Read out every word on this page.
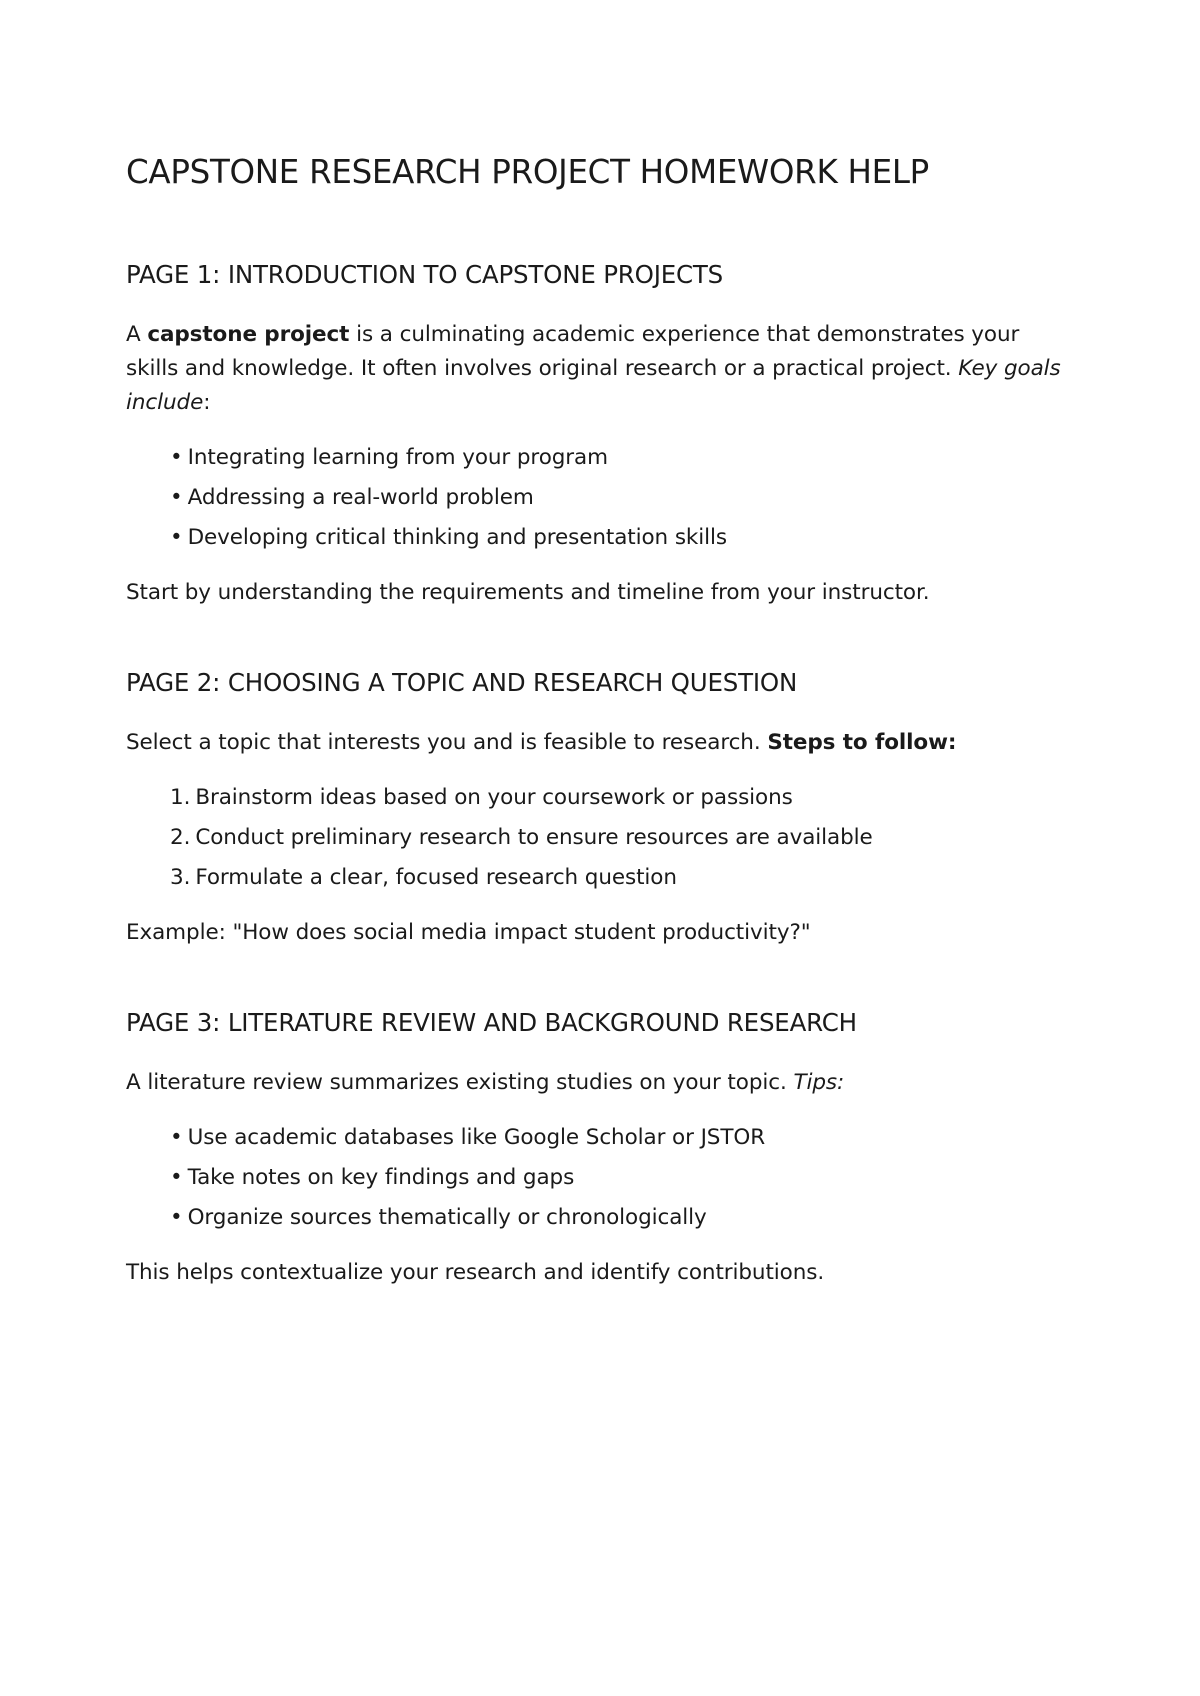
CAPSTONE RESEARCH PROJECT HOMEWORK HELP
PAGE 1: INTRODUCTION TO CAPSTONE PROJECTS

A capstone project is a culminating academic experience that demonstrates your skills and knowledge. It often involves original research or a practical project. Key goals include:

• Integrating learning from your program
• Addressing a real-world problem
• Developing critical thinking and presentation skills

Start by understanding the requirements and timeline from your instructor.

PAGE 2: CHOOSING A TOPIC AND RESEARCH QUESTION

Select a topic that interests you and is feasible to research. Steps to follow:

1. Brainstorm ideas based on your coursework or passions
2. Conduct preliminary research to ensure resources are available
3. Formulate a clear, focused research question

Example: "How does social media impact student productivity?"

PAGE 3: LITERATURE REVIEW AND BACKGROUND RESEARCH

A literature review summarizes existing studies on your topic. Tips:

• Use academic databases like Google Scholar or JSTOR
• Take notes on key findings and gaps
• Organize sources thematically or chronologically

This helps contextualize your research and identify contributions.
